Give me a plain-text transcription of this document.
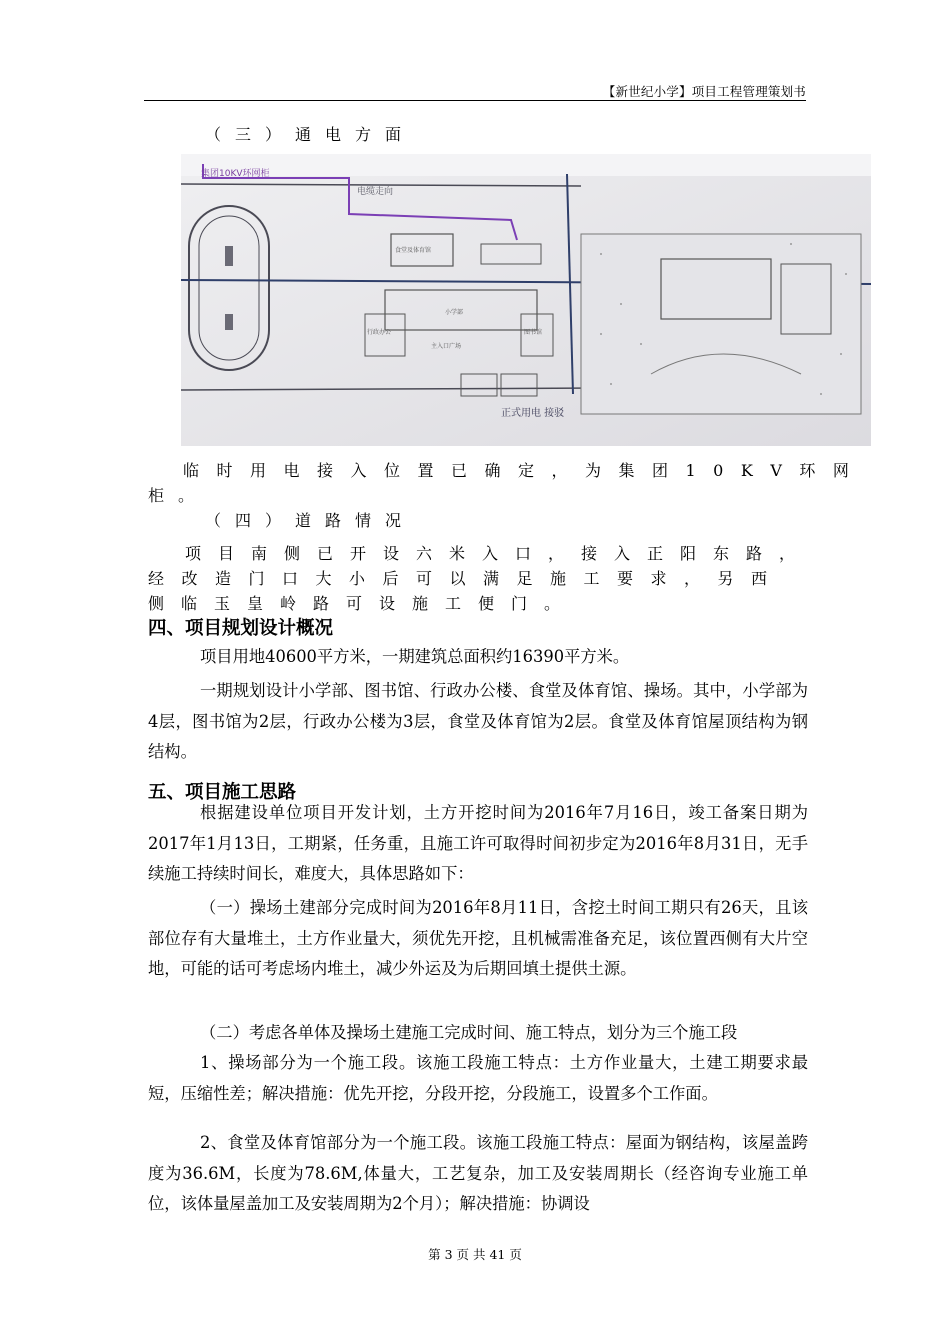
【新世纪小学】项目工程管理策划书
（三）通电方面
集团10KV环网柜
电缆走向
正式用电 接驳
食堂及体育馆
行政办公	图书馆
小学部
主入口广场
临时用电接入位置已确定，为集团10KV环网
柜。
（四）道路情况
项目南侧已开设六米入口，接入正阳东路，
经改造门口大小后可以满足施工要求，另西
侧临玉皇岭路可设施工便门。
四、项目规划设计概况
项目用地40600平方米，一期建筑总面积约16390平方米。
一期规划设计小学部、图书馆、行政办公楼、食堂及体育馆、操场。其中，小学部为4层，图书馆为2层，行政办公楼为3层，食堂及体育馆为2层。食堂及体育馆屋顶结构为钢结构。
五、项目施工思路
根据建设单位项目开发计划，土方开挖时间为2016年7月16日，竣工备案日期为2017年1月13日，工期紧，任务重，且施工许可取得时间初步定为2016年8月31日，无手续施工持续时间长，难度大，具体思路如下：
（一）操场土建部分完成时间为2016年8月11日，含挖土时间工期只有26天，且该部位存有大量堆土，土方作业量大，须优先开挖，且机械需准备充足，该位置西侧有大片空地，可能的话可考虑场内堆土，减少外运及为后期回填土提供土源。
（二）考虑各单体及操场土建施工完成时间、施工特点，划分为三个施工段
1、操场部分为一个施工段。该施工段施工特点：土方作业量大，土建工期要求最短，压缩性差；解决措施：优先开挖，分段开挖，分段施工，设置多个工作面。
2、食堂及体育馆部分为一个施工段。该施工段施工特点：屋面为钢结构，该屋盖跨度为36.6M，长度为78.6M,体量大，工艺复杂，加工及安装周期长（经咨询专业施工单位，该体量屋盖加工及安装周期为2个月）；解决措施：协调设
第 3 页 共 41 页
